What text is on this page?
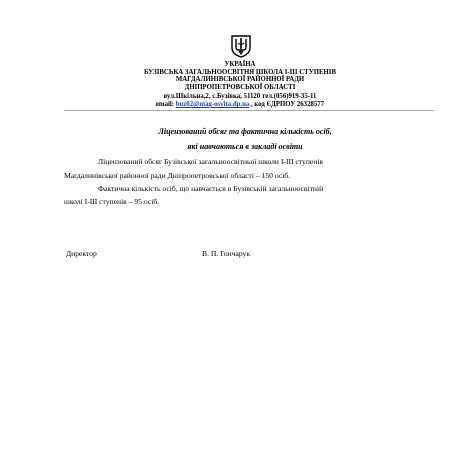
УКРАЇНА
БУЗІВСЬКА ЗАГАЛЬНООСВІТНЯ ШКОЛА І-ІІІ СТУПЕНІВ
МАГДАЛИНІВСЬКОЇ РАЙОННОЇ РАДИ
ДНІПРОПЕТРОВСЬКОЇ ОБЛАСТІ
вул.Шкільна,2, с.Бузівка, 51120 тел.(056)919-35-11
email: buz02@mag-osvita.dp.ua , код ЄДРПОУ 26328577
Ліцензований обсяг та фактична кількість осіб,
які навчаються в закладі освіти
Ліцензований обсяг Бузівської загальноосвітньої школи І-ІІІ ступенів
Магдалинівської районної ради Дніпропетровської області – 150 осіб.
Фактична кількість осіб, що навчається в Бузівській загальноосвітній
школі І-ІІІ ступенів – 95 осіб.
Директор	В. П. Гончарук
